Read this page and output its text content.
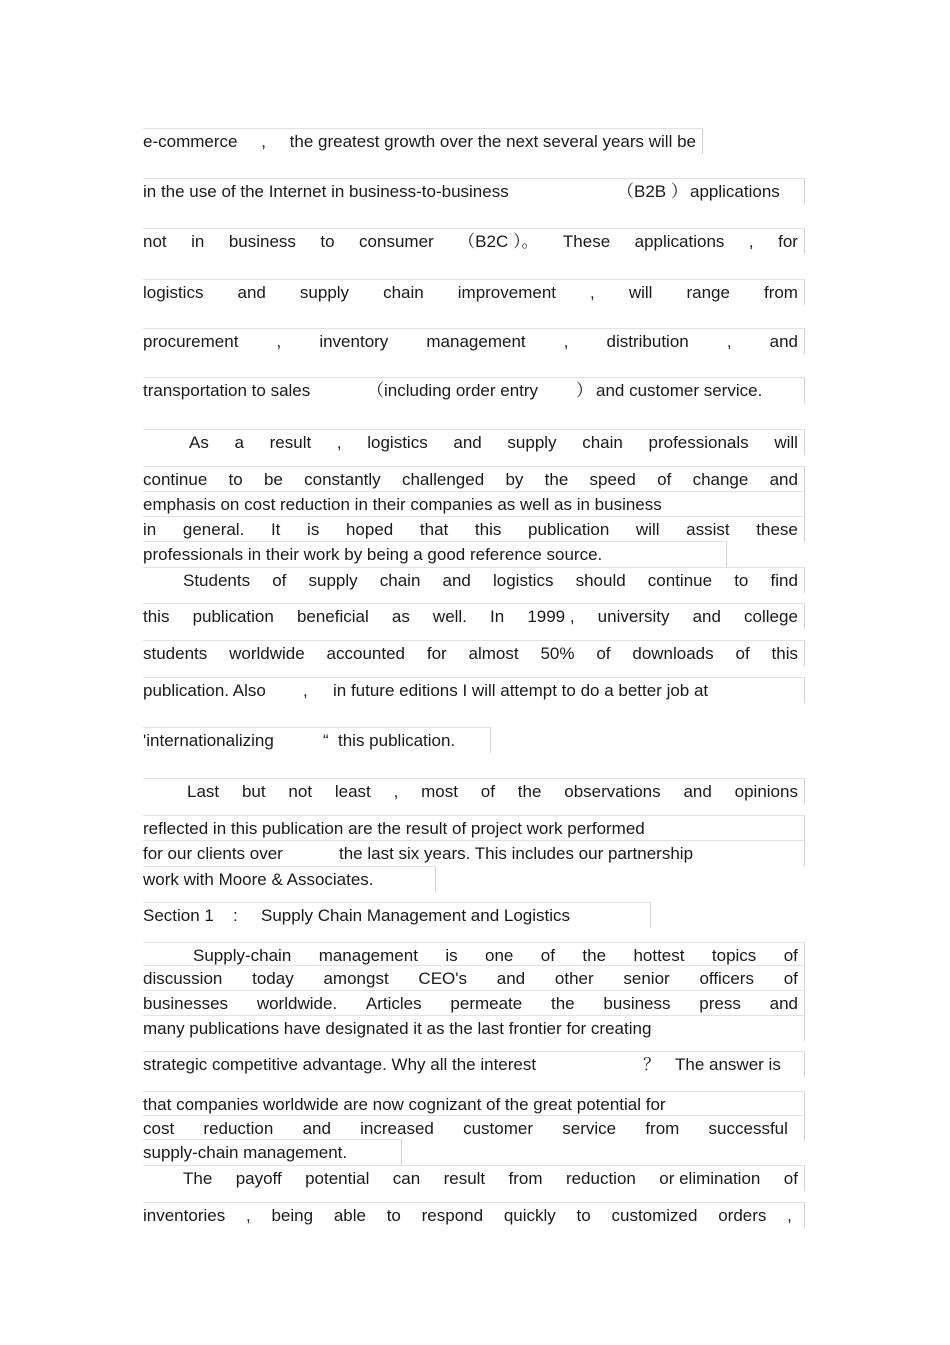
e-commerce , the greatest growth over the next several years will be
in the use of the Internet in business-to-business	（B2B ） applications
not in business to consumer （B2C ）。 These applications , for
logistics and supply chain improvement , will range from
procurement , inventory management , distribution , and
transportation to sales	（including order entry ） and customer service.
As a result , logistics and supply chain professionals will
continue to be constantly challenged by the speed of change and
emphasis on cost reduction in their companies as well as in business
in general. It is hoped that this publication will assist these
professionals in their work by being a good reference source.
Students of supply chain and logistics should continue to find
this publication beneficial as well. In 1999 , university and college
students worldwide accounted for almost 50% of downloads of this
publication. Also , in future editions I will attempt to do a better job at
'internationalizing	“ this publication.
Last but not least , most of the observations and opinions
reflected in this publication are the result of project work performed
for our clients over	the last six years. This includes our partnership
work with Moore & Associates.
Section 1 : Supply Chain Management and Logistics
Supply-chain management is one of the hottest topics of
discussion today amongst CEO's and other senior officers of
businesses worldwide. Articles permeate the business press and
many publications have designated it as the last frontier for creating
strategic competitive advantage. Why all the interest	？ The answer is
that companies worldwide are now cognizant of the great potential for
cost reduction and increased customer service from successful
supply-chain management.
The payoff potential can result from reduction or elimination of
inventories , being able to respond quickly to customized orders ,
